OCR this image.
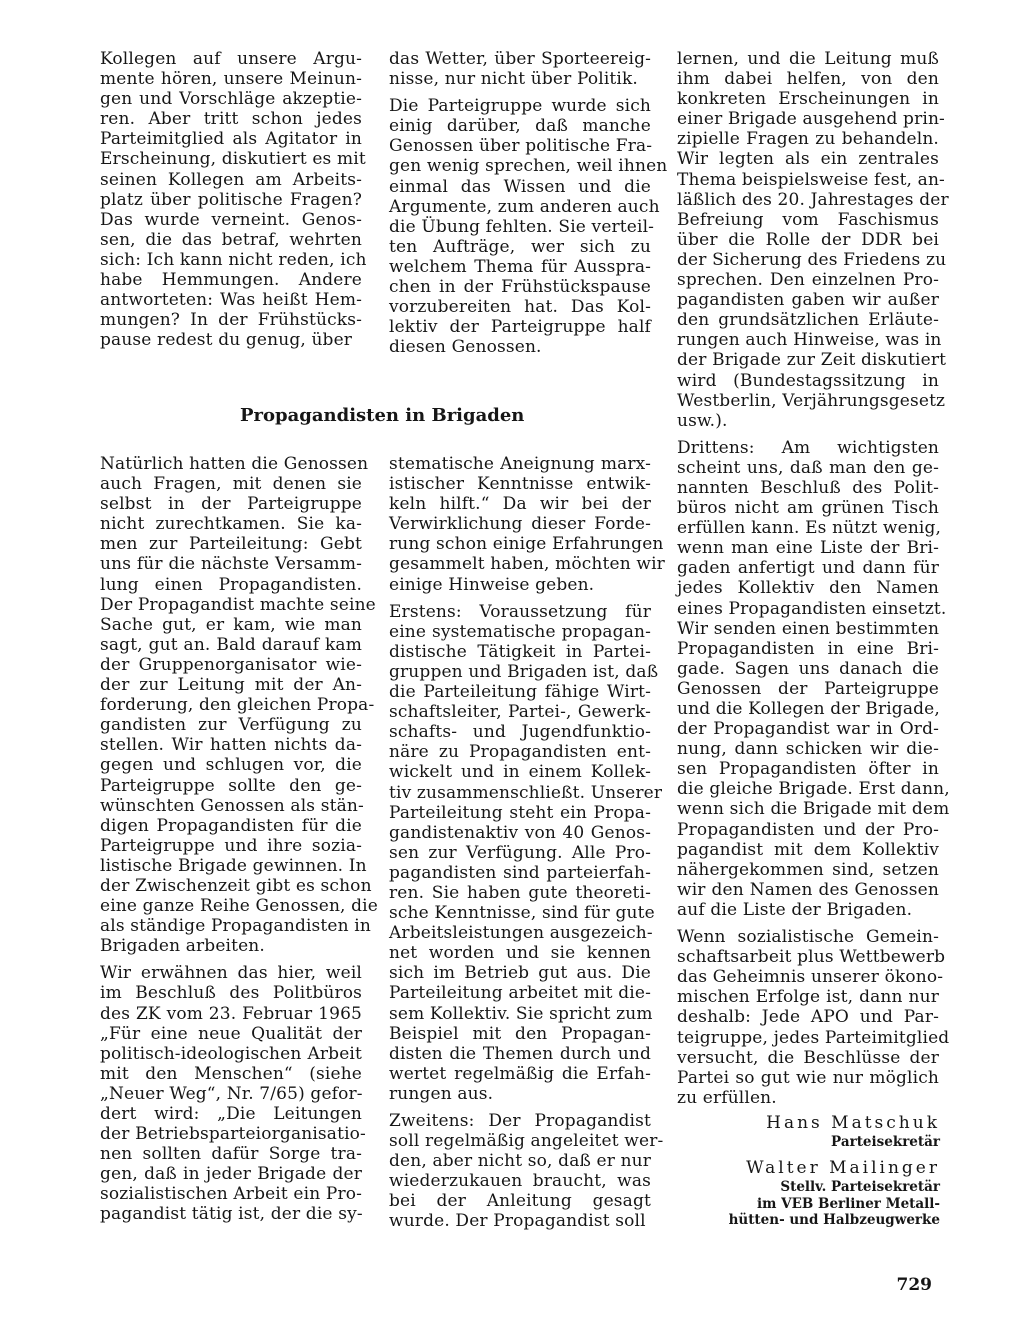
Kollegen auf unsere Argu-
mente hören, unsere Meinun-
gen und Vorschläge akzeptie-
ren. Aber tritt schon jedes
Parteimitglied als Agitator in
Erscheinung, diskutiert es mit
seinen Kollegen am Arbeits-
platz über politische Fragen?
Das wurde verneint. Genos-
sen, die das betraf, wehrten
sich: Ich kann nicht reden, ich
habe Hemmungen. Andere
antworteten: Was heißt Hem-
mungen? In der Frühstücks-
pause redest du genug, über
das Wetter, über Sporteereig-
nisse, nur nicht über Politik.
Die Parteigruppe wurde sich
einig darüber, daß manche
Genossen über politische Fra-
gen wenig sprechen, weil ihnen
einmal das Wissen und die
Argumente, zum anderen auch
die Übung fehlten. Sie verteil-
ten Aufträge, wer sich zu
welchem Thema für Ausspra-
chen in der Frühstückspause
vorzubereiten hat. Das Kol-
lektiv der Parteigruppe half
diesen Genossen.
lernen, und die Leitung muß
ihm dabei helfen, von den
konkreten Erscheinungen in
einer Brigade ausgehend prin-
zipielle Fragen zu behandeln.
Wir legten als ein zentrales
Thema beispielsweise fest, an-
läßlich des 20. Jahrestages der
Befreiung vom Faschismus
über die Rolle der DDR bei
der Sicherung des Friedens zu
sprechen. Den einzelnen Pro-
pagandisten gaben wir außer
den grundsätzlichen Erläute-
rungen auch Hinweise, was in
der Brigade zur Zeit diskutiert
wird (Bundestagssitzung in
Westberlin, Verjährungsgesetz
usw.).
Drittens: Am wichtigsten
scheint uns, daß man den ge-
nannten Beschluß des Polit-
büros nicht am grünen Tisch
erfüllen kann. Es nützt wenig,
wenn man eine Liste der Bri-
gaden anfertigt und dann für
jedes Kollektiv den Namen
eines Propagandisten einsetzt.
Wir senden einen bestimmten
Propagandisten in eine Bri-
gade. Sagen uns danach die
Genossen der Parteigruppe
und die Kollegen der Brigade,
der Propagandist war in Ord-
nung, dann schicken wir die-
sen Propagandisten öfter in
die gleiche Brigade. Erst dann,
wenn sich die Brigade mit dem
Propagandisten und der Pro-
pagandist mit dem Kollektiv
nähergekommen sind, setzen
wir den Namen des Genossen
auf die Liste der Brigaden.
Wenn sozialistische Gemein-
schaftsarbeit plus Wettbewerb
das Geheimnis unserer ökono-
mischen Erfolge ist, dann nur
deshalb: Jede APO und Par-
teigruppe, jedes Parteimitglied
versucht, die Beschlüsse der
Partei so gut wie nur möglich
zu erfüllen.
Propagandisten in Brigaden
Natürlich hatten die Genossen
auch Fragen, mit denen sie
selbst in der Parteigruppe
nicht zurechtkamen. Sie ka-
men zur Parteileitung: Gebt
uns für die nächste Versamm-
lung einen Propagandisten.
Der Propagandist machte seine
Sache gut, er kam, wie man
sagt, gut an. Bald darauf kam
der Gruppenorganisator wie-
der zur Leitung mit der An-
forderung, den gleichen Propa-
gandisten zur Verfügung zu
stellen. Wir hatten nichts da-
gegen und schlugen vor, die
Parteigruppe sollte den ge-
wünschten Genossen als stän-
digen Propagandisten für die
Parteigruppe und ihre sozia-
listische Brigade gewinnen. In
der Zwischenzeit gibt es schon
eine ganze Reihe Genossen, die
als ständige Propagandisten in
Brigaden arbeiten.
Wir erwähnen das hier, weil
im Beschluß des Politbüros
des ZK vom 23. Februar 1965
„Für eine neue Qualität der
politisch-ideologischen Arbeit
mit den Menschen“ (siehe
„Neuer Weg“, Nr. 7/65) gefor-
dert wird: „Die Leitungen
der Betriebsparteiorganisatio-
nen sollten dafür Sorge tra-
gen, daß in jeder Brigade der
sozialistischen Arbeit ein Pro-
pagandist tätig ist, der die sy-
stematische Aneignung marx-
istischer Kenntnisse entwik-
keln hilft.“ Da wir bei der
Verwirklichung dieser Forde-
rung schon einige Erfahrungen
gesammelt haben, möchten wir
einige Hinweise geben.
Erstens: Voraussetzung für
eine systematische propagan-
distische Tätigkeit in Partei-
gruppen und Brigaden ist, daß
die Parteileitung fähige Wirt-
schaftsleiter, Partei-, Gewerk-
schafts- und Jugendfunktio-
näre zu Propagandisten ent-
wickelt und in einem Kollek-
tiv zusammenschließt. Unserer
Parteileitung steht ein Propa-
gandistenaktiv von 40 Genos-
sen zur Verfügung. Alle Pro-
pagandisten sind parteierfah-
ren. Sie haben gute theoreti-
sche Kenntnisse, sind für gute
Arbeitsleistungen ausgezeich-
net worden und sie kennen
sich im Betrieb gut aus. Die
Parteileitung arbeitet mit die-
sem Kollektiv. Sie spricht zum
Beispiel mit den Propagan-
disten die Themen durch und
wertet regelmäßig die Erfah-
rungen aus.
Zweitens: Der Propagandist
soll regelmäßig angeleitet wer-
den, aber nicht so, daß er nur
wiederzukauen braucht, was
bei der Anleitung gesagt
wurde. Der Propagandist soll
Hans Matschuk
Parteisekretär
Walter Mailinger
Stellv. Parteisekretär
im VEB Berliner Metall-
hütten- und Halbzeugwerke
729
